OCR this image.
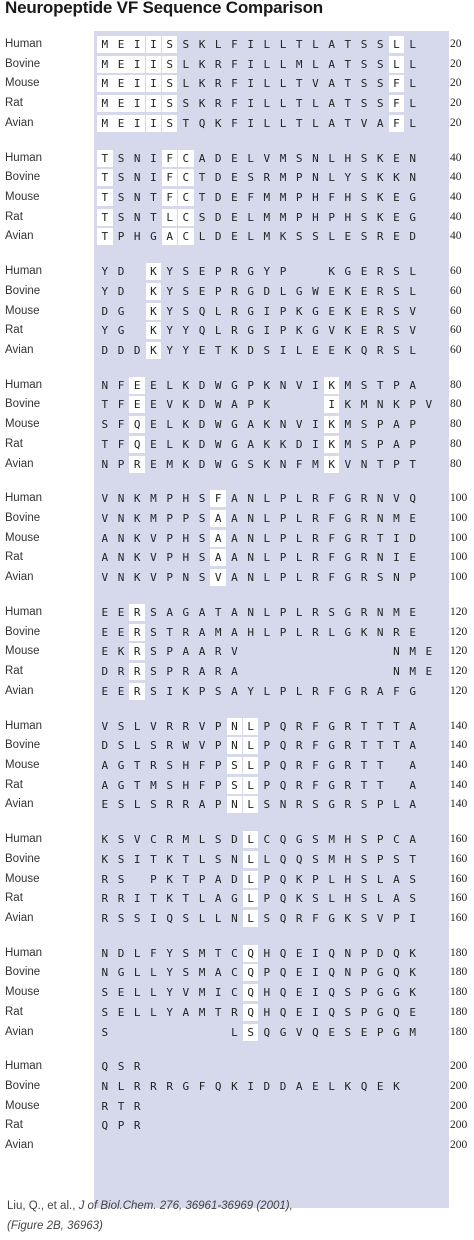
Neuropeptide VF Sequence Comparison
Human	M E I I S S K L F I L L T L A T S S L L	20
Bovine	M E I I S L K R F I L L M L A T S S L L	20
Mouse	M E I I S L K R F I L L T V A T S S F L	20
Rat	M E I I S S K R F I L L T L A T S S F L	20
Avian	M E I I S T Q K F I L L T L A T V A F L	20
Human	T S N I F C A D E L V M S N L H S K E N	40
Bovine	T S N I F C T D E S R M P N L Y S K K N	40
Mouse	T S N T F C T D E F M M P H F H S K E G	40
Rat	T S N T L C S D E L M M P H P H S K E G	40
Avian	T P H G A C L D E L M K S S L E S R E D	40
Human	Y D	K Y S E P R G Y P	K G E R S L	60
Bovine	Y D	K Y S E P R G D L G W E K E R S L	60
Mouse	D G	K Y S Q L R G I P K G E K E R S V	60
Rat	Y G	K Y Y Q L R G I P K G V K E R S V	60
Avian	D D D K Y Y E T K D S I L E E K Q R S L	60
Human	N F E E L K D W G P K N V I K M S T P A	80
Bovine	T F E E V K D W A P K	I K M N K P V	80
Mouse	S F Q E L K D W G A K N V I K M S P A P	80
Rat	T F Q E L K D W G A K K D I K M S P A P	80
Avian	N P R E M K D W G S K N F M K V N T P T	80
Human	V N K M P H S F A N L P L R F G R N V Q	100
Bovine	V N K M P P S A A N L P L R F G R N M E	100
Mouse	A N K V P H S A A N L P L R F G R T I D	100
Rat	A N K V P H S A A N L P L R F G R N I E	100
Avian	V N K V P N S V A N L P L R F G R S N P	100
Human	E E R S A G A T A N L P L R S G R N M E	120
Bovine	E E R S T R A M A H L P L R L G K N R E	120
Mouse	E K R S P A A R V	N M E	120
Rat	D R R S P R A R A	N M E	120
Avian	E E R S I K P S A Y L P L R F G R A F G	120
Human	V S L V R R V P N L P Q R F G R T T T A	140
Bovine	D S L S R W V P N L P Q R F G R T T T A	140
Mouse	A G T R S H F P S L P Q R F G R T T	A	140
Rat	A G T M S H F P S L P Q R F G R T T	A	140
Avian	E S L S R R A P N L S N R S G R S P L A	140
Human	K S V C R M L S D L C Q G S M H S P C A	160
Bovine	K S I T K T L S N L L Q Q S M H S P S T	160
Mouse	R S	P K T P A D L P Q K P L H S L A S	160
Rat	R R I T K T L A G L P Q K S L H S L A S	160
Avian	R S S I Q S L L N L S Q R F G K S V P I	160
Human	N D L F Y S M T C Q H Q E I Q N P D Q K	180
Bovine	N G L L Y S M A C Q P Q E I Q N P G Q K	180
Mouse	S E L L Y V M I C Q H Q E I Q S P G G K	180
Rat	S E L L Y A M T R Q H Q E I Q S P G Q E	180
Avian	S	L S Q G V Q E S E P G M	180
Human	Q S R	200
Bovine	N L R R R G F Q K I D D A E L K Q E K	200
Mouse	R T R	200
Rat	Q P R	200
Avian	200
Liu, Q., et al., J of Biol.Chem. 276, 36961-36969 (2001),
(Figure 2B, 36963)
